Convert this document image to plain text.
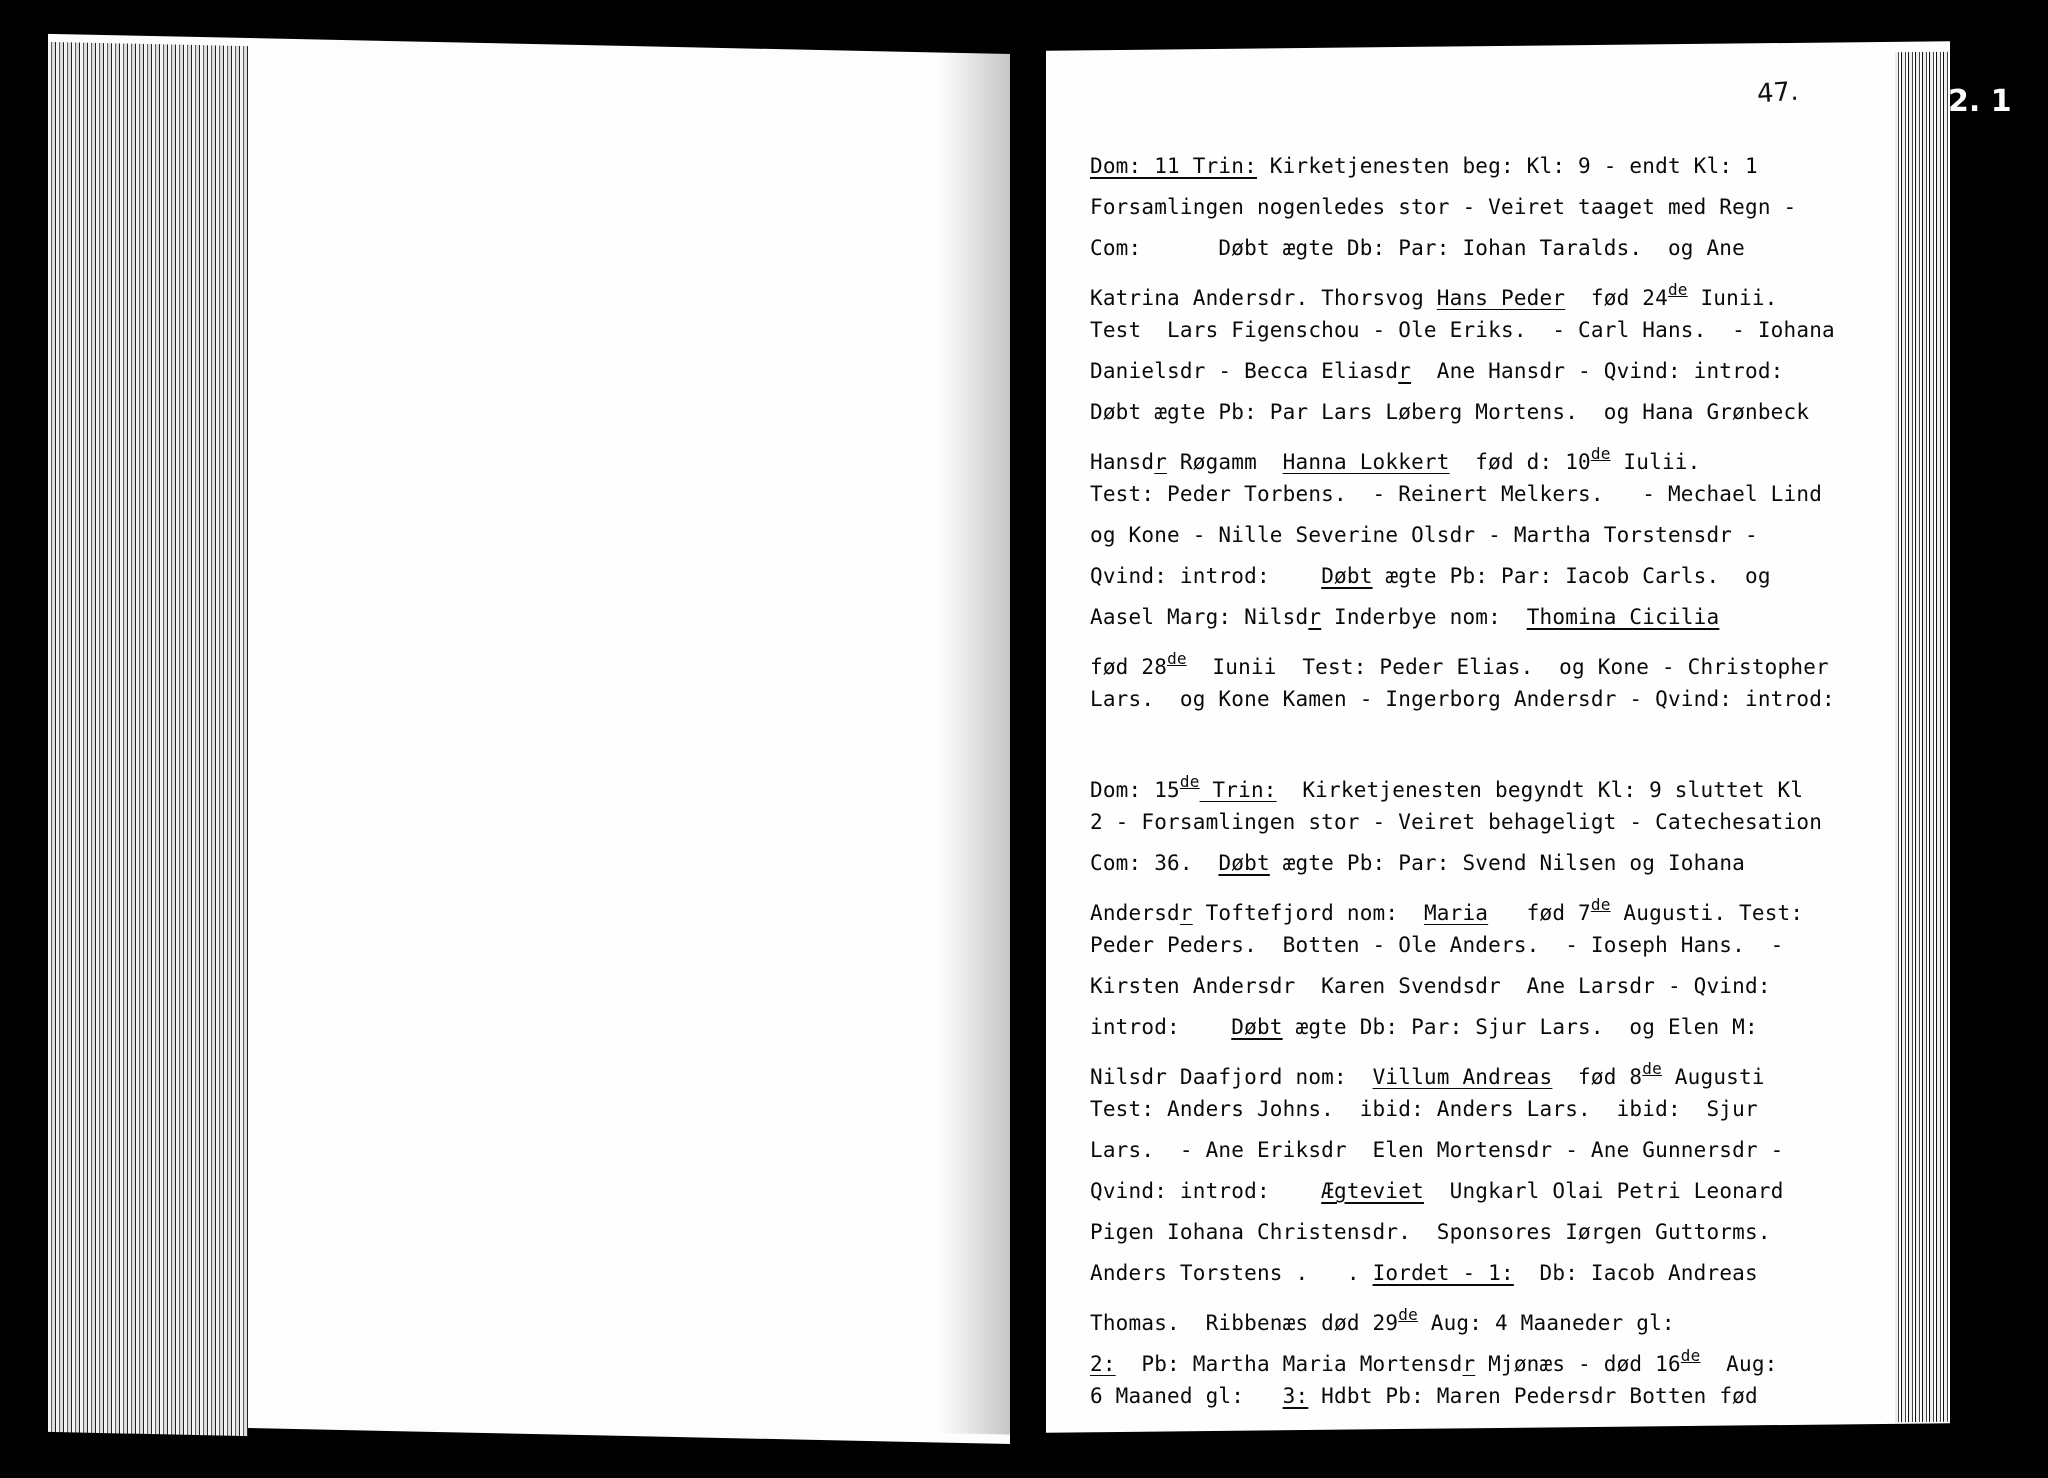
47.	2. 1
Dom: 11 Trin: Kirketjenesten beg: Kl: 9 - endt Kl: 1
Forsamlingen nogenledes stor - Veiret taaget med Regn -
Com:      Døbt ægte Db: Par: Iohan Taralds.  og Ane
Katrina Andersdr. Thorsvog Hans Peder  fød 24de Iunii.
Test  Lars Figenschou - Ole Eriks.  - Carl Hans.  - Iohana
Danielsdr - Becca Eliasdr  Ane Hansdr - Qvind: introd:
Døbt ægte Pb: Par Lars Løberg Mortens.  og Hana Grønbeck
Hansdr Røgamm  Hanna Lokkert  fød d: 10de Iulii.
Test: Peder Torbens.  - Reinert Melkers.   - Mechael Lind
og Kone - Nille Severine Olsdr - Martha Torstensdr -
Qvind: introd:    Døbt ægte Pb: Par: Iacob Carls.  og
Aasel Marg: Nilsdr Inderbye nom:  Thomina Cicilia
fød 28de  Iunii  Test: Peder Elias.  og Kone - Christopher
Lars.  og Kone Kamen - Ingerborg Andersdr - Qvind: introd:
Dom: 15de Trin:  Kirketjenesten begyndt Kl: 9 sluttet Kl
2 - Forsamlingen stor - Veiret behageligt - Catechesation
Com: 36.  Døbt ægte Pb: Par: Svend Nilsen og Iohana
Andersdr Toftefjord nom:  Maria   fød 7de Augusti. Test:
Peder Peders.  Botten - Ole Anders.  - Ioseph Hans.  -
Kirsten Andersdr  Karen Svendsdr  Ane Larsdr - Qvind:
introd:    Døbt ægte Db: Par: Sjur Lars.  og Elen M:
Nilsdr Daafjord nom:  Villum Andreas  fød 8de Augusti
Test: Anders Johns.  ibid: Anders Lars.  ibid:  Sjur
Lars.  - Ane Eriksdr  Elen Mortensdr - Ane Gunnersdr -
Qvind: introd:    Ægteviet  Ungkarl Olai Petri Leonard
Pigen Iohana Christensdr.  Sponsores Iørgen Guttorms.
Anders Torstens .   . Iordet - 1:  Db: Iacob Andreas
Thomas.  Ribbenæs død 29de Aug: 4 Maaneder gl:
2:  Pb: Martha Maria Mortensdr Mjønæs - død 16de  Aug:
6 Maaned gl:   3: Hdbt Pb: Maren Pedersdr Botten fød
